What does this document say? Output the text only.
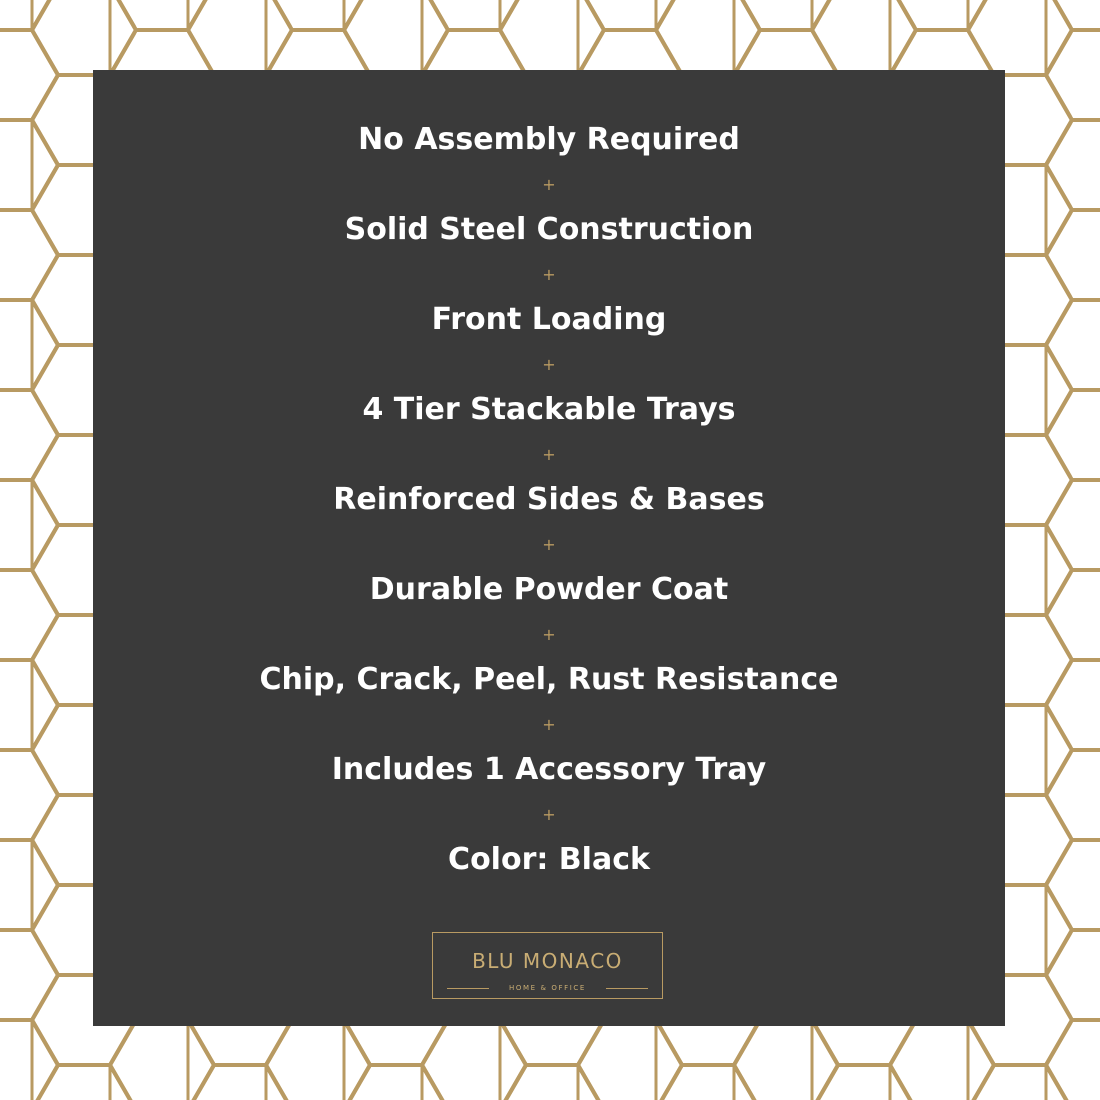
No Assembly Required
+
Solid Steel Construction
+
Front Loading
+
4 Tier Stackable Trays
+
Reinforced Sides & Bases
+
Durable Powder Coat
+
Chip, Crack, Peel, Rust Resistance
+
Includes 1 Accessory Tray
+
Color: Black
BLU MONACO
HOME & OFFICE
